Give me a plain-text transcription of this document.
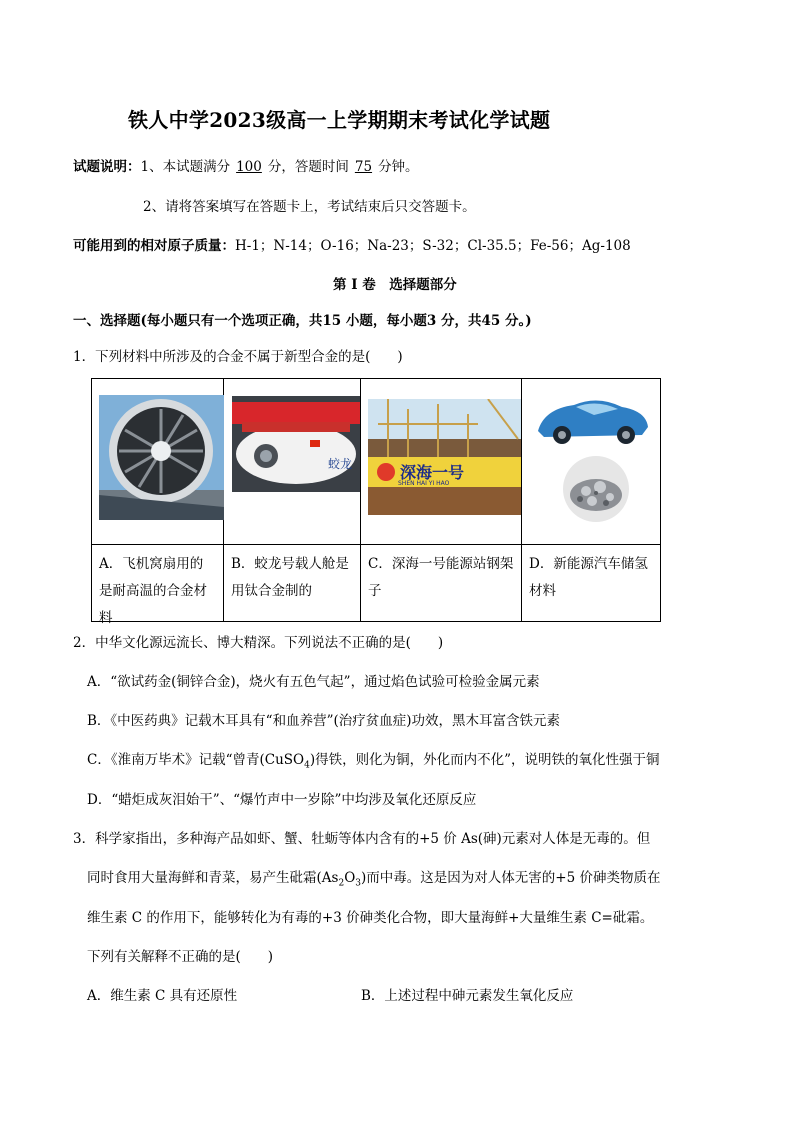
铁人中学2023级高一上学期期末考试化学试题
试题说明：1、本试题满分 100 分，答题时间 75 分钟。
2、请将答案填写在答题卡上，考试结束后只交答题卡。
可能用到的相对原子质量：H-1；N-14；O-16；Na-23；S-32；Cl-35.5；Fe-56；Ag-108
第 I 卷　选择题部分
一、选择题(每小题只有一个选项正确，共15 小题，每小题3 分，共45 分。)
1．下列材料中所涉及的合金不属于新型合金的是(　　)

蛟龙	深海一号
SHEN HAI YI HAO

A．飞机窝扇用的是耐高温的合金材料	B．蛟龙号载人舱是用钛合金制的	C．深海一号能源站钢架子	D．新能源汽车储氢材料
2．中华文化源远流长、博大精深。下列说法不正确的是(　　)
A．“欲试药金(铜锌合金)，烧火有五色气起”，通过焰色试验可检验金属元素
B．《中医药典》记载木耳具有“和血养营”(治疗贫血症)功效，黑木耳富含铁元素
C．《淮南万毕术》记载“曾青(CuSO$_4$)得铁，则化为铜，外化而内不化”，说明铁的氧化性强于铜
D．“蜡炬成灰泪始干”、“爆竹声中一岁除”中均涉及氧化还原反应
3．科学家指出，多种海产品如虾、蟹、牡蛎等体内含有的+5 价 As(砷)元素对人体是无毒的。但
同时食用大量海鲜和青菜，易产生砒霜$(As_2O_3)$而中毒。这是因为对人体无害的+5 价砷类物质在
维生素 C 的作用下，能够转化为有毒的+3 价砷类化合物，即大量海鲜+大量维生素 C=砒霜。
下列有关解释不正确的是(　　)
A．维生素 C 具有还原性	B．上述过程中砷元素发生氧化反应
